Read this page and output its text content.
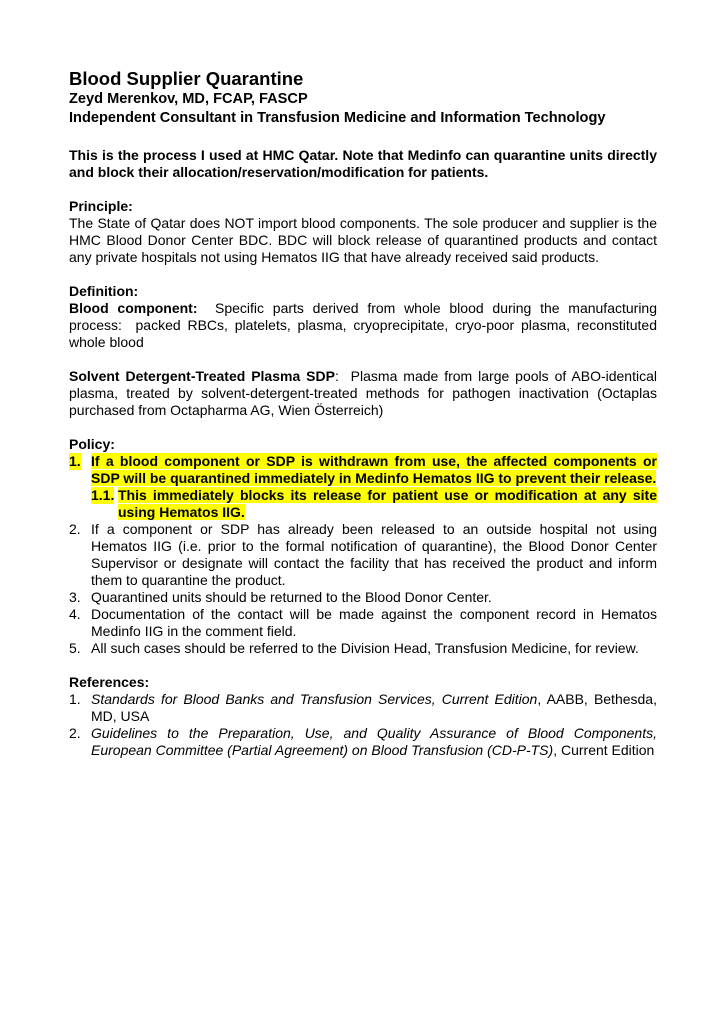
Blood Supplier Quarantine

Zeyd Merenkov, MD, FCAP, FASCP

Independent Consultant in Transfusion Medicine and Information Technology

This is the process I used at HMC Qatar. Note that Medinfo can quarantine units directly and block their allocation/reservation/modification for patients.

Principle:

The State of Qatar does NOT import blood components. The sole producer and supplier is the HMC Blood Donor Center BDC. BDC will block release of quarantined products and contact any private hospitals not using Hematos IIG that have already received said products.

Definition:

Blood component:  Specific parts derived from whole blood during the manufacturing process:  packed RBCs, platelets, plasma, cryoprecipitate, cryo-poor plasma, reconstituted whole blood

Solvent Detergent-Treated Plasma SDP:  Plasma made from large pools of ABO-identical plasma, treated by solvent-detergent-treated methods for pathogen inactivation (Octaplas purchased from Octapharma AG, Wien Österreich)

Policy:

1. If a blood component or SDP is withdrawn from use, the affected components or SDP will be quarantined immediately in Medinfo Hematos IIG to prevent their release.
1.1. This immediately blocks its release for patient use or modification at any site using Hematos IIG.
2. If a component or SDP has already been released to an outside hospital not using Hematos IIG (i.e. prior to the formal notification of quarantine), the Blood Donor Center Supervisor or designate will contact the facility that has received the product and inform them to quarantine the product.
3. Quarantined units should be returned to the Blood Donor Center.
4. Documentation of the contact will be made against the component record in Hematos Medinfo IIG in the comment field.
5. All such cases should be referred to the Division Head, Transfusion Medicine, for review.

References:

1. Standards for Blood Banks and Transfusion Services, Current Edition, AABB, Bethesda, MD, USA
2. Guidelines to the Preparation, Use, and Quality Assurance of Blood Components, European Committee (Partial Agreement) on Blood Transfusion (CD-P-TS), Current Edition
